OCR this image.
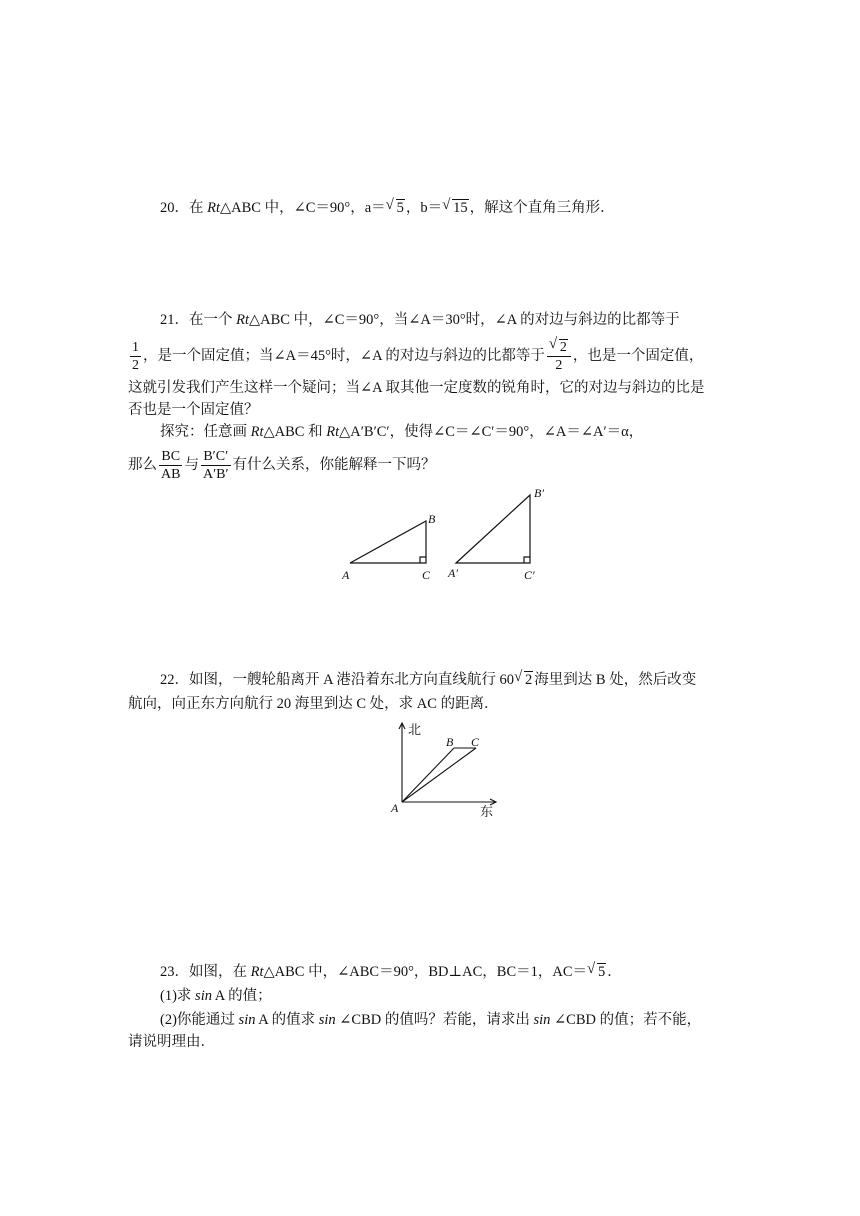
20．在 Rt△ABC 中，∠C＝90°，a＝ √ 5 ，b＝ √ 15 ，解这个直角三角形．
21．在一个 Rt△ABC 中，∠C＝90°，当∠A＝30°时，∠A 的对边与斜边的比都等于
$\frac{1}{2}$ ，是一个固定值；当∠A＝45°时，∠A 的对边与斜边的比都等于 √ $\frac{2}{2}$ ，也是一个固定值，
这就引发我们产生这样一个疑问；当∠A 取其他一定度数的锐角时，它的对边与斜边的比是
否也是一个固定值？
探究：任意画 Rt△ABC 和 Rt△A′B′C′，使得∠C＝∠C′＝90°，∠A＝∠A′＝α，
那么 $\frac{BC}{AB}$ 与 $\frac{B'C'}{A'B'}$ 有什么关系，你能解释一下吗？
A
B
C A′
B′
C′
22．如图，一艘轮船离开 A 港沿着东北方向直线航行 60 √ 2 海里到达 B 处，然后改变
航向，向正东方向航行 20 海里到达 C 处，求 AC 的距离．
北
东
A
B C
23．如图，在 Rt△ABC 中，∠ABC＝90°，BD⊥AC，BC＝1，AC＝ √ 5 ．
(1)求 sin A 的值；
(2)你能通过 sin A 的值求 sin ∠CBD 的值吗？若能，请求出 sin ∠CBD 的值；若不能，
请说明理由．
